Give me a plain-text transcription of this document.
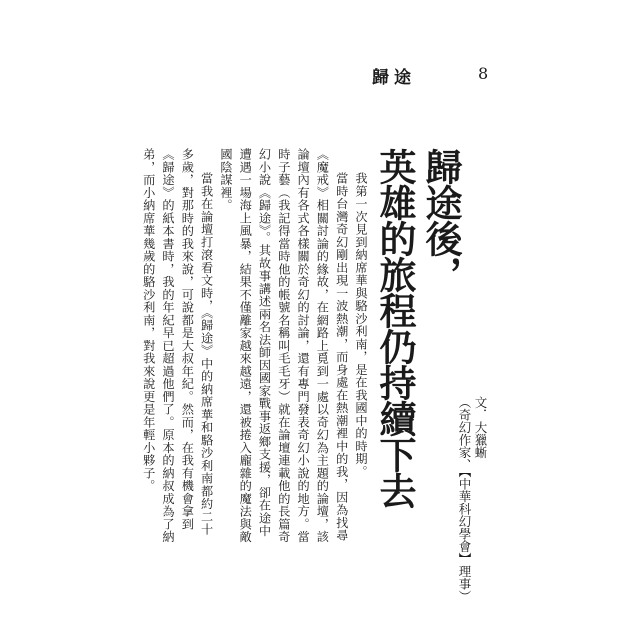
歸途	8
歸途後，
英雄的旅程仍持續下去	文．大獵蜥
（奇幻作家、【中華科幻學會】理事）

我第一次見到納席華與駱沙利南，是在我國中的時期。

當時台灣奇幻剛出現一波熱潮，而身處在熱潮裡中的我，因為找尋《魔戒》相關討論的緣故，在網路上覓到一處以奇幻為主題的論壇，該論壇內有各式各樣關於奇幻的討論，還有專門發表奇幻小說的地方。當時子藝（我記得當時他的帳號名稱叫毛毛牙）就在論壇連載他的長篇奇幻小說《歸途》。其故事講述兩名法師因國家戰事返鄉支援，卻在途中遭遇一場海上風暴，結果不僅離家越來越遠，還被捲入龐雜的魔法與敵國陰謀裡。

當我在論壇打滾看文時，《歸途》中的納席華和駱沙利南都約二十多歲，對那時的我來說，可說都是大叔年紀。然而，在我有機會拿到《歸途》的紙本書時，我的年紀早已超過他們了。原本的納叔成為了納弟，而小納席華幾歲的駱沙利南，對我來說更是年輕小夥子。
